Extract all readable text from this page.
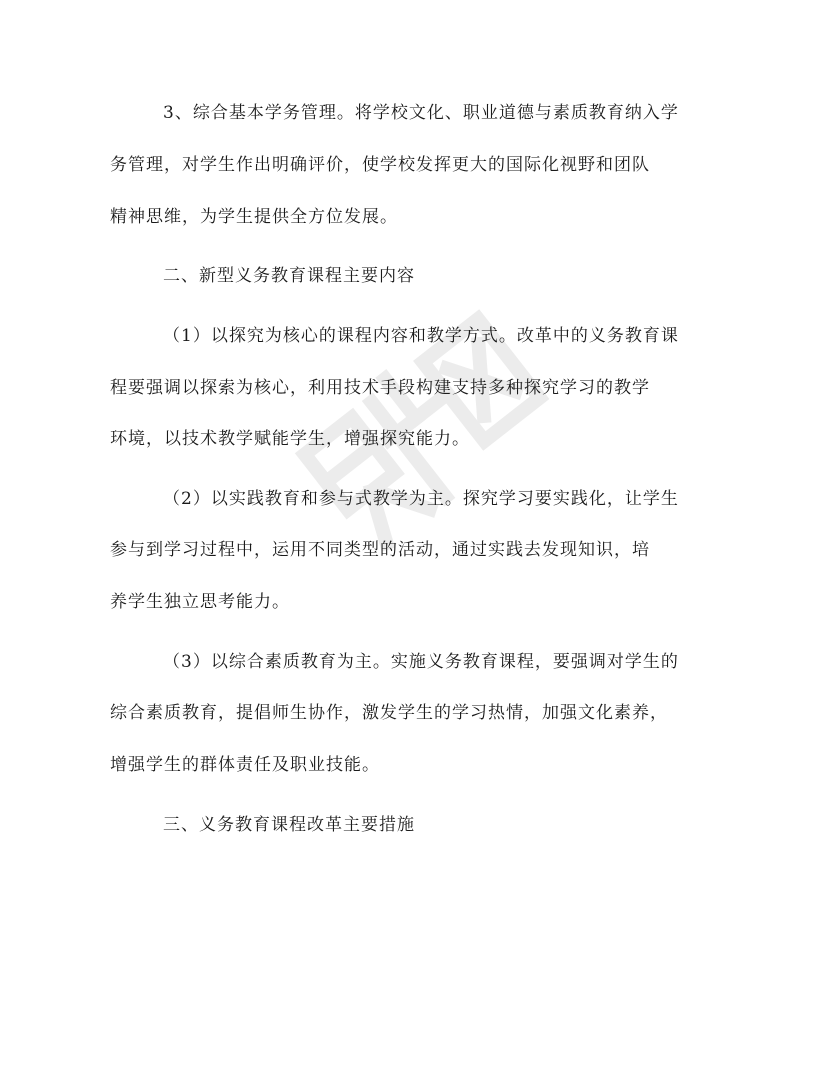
3、综合基本学务管理。将学校文化、职业道德与素质教育纳入学
务管理，对学生作出明确评价，使学校发挥更大的国际化视野和团队
精神思维，为学生提供全方位发展。
二、新型义务教育课程主要内容
（1）以探究为核心的课程内容和教学方式。改革中的义务教育课
程要强调以探索为核心，利用技术手段构建支持多种探究学习的教学
环境，以技术教学赋能学生，增强探究能力。
（2）以实践教育和参与式教学为主。探究学习要实践化，让学生
参与到学习过程中，运用不同类型的活动，通过实践去发现知识，培
养学生独立思考能力。
（3）以综合素质教育为主。实施义务教育课程，要强调对学生的
综合素质教育，提倡师生协作，激发学生的学习热情，加强文化素养，
增强学生的群体责任及职业技能。
三、义务教育课程改革主要措施
